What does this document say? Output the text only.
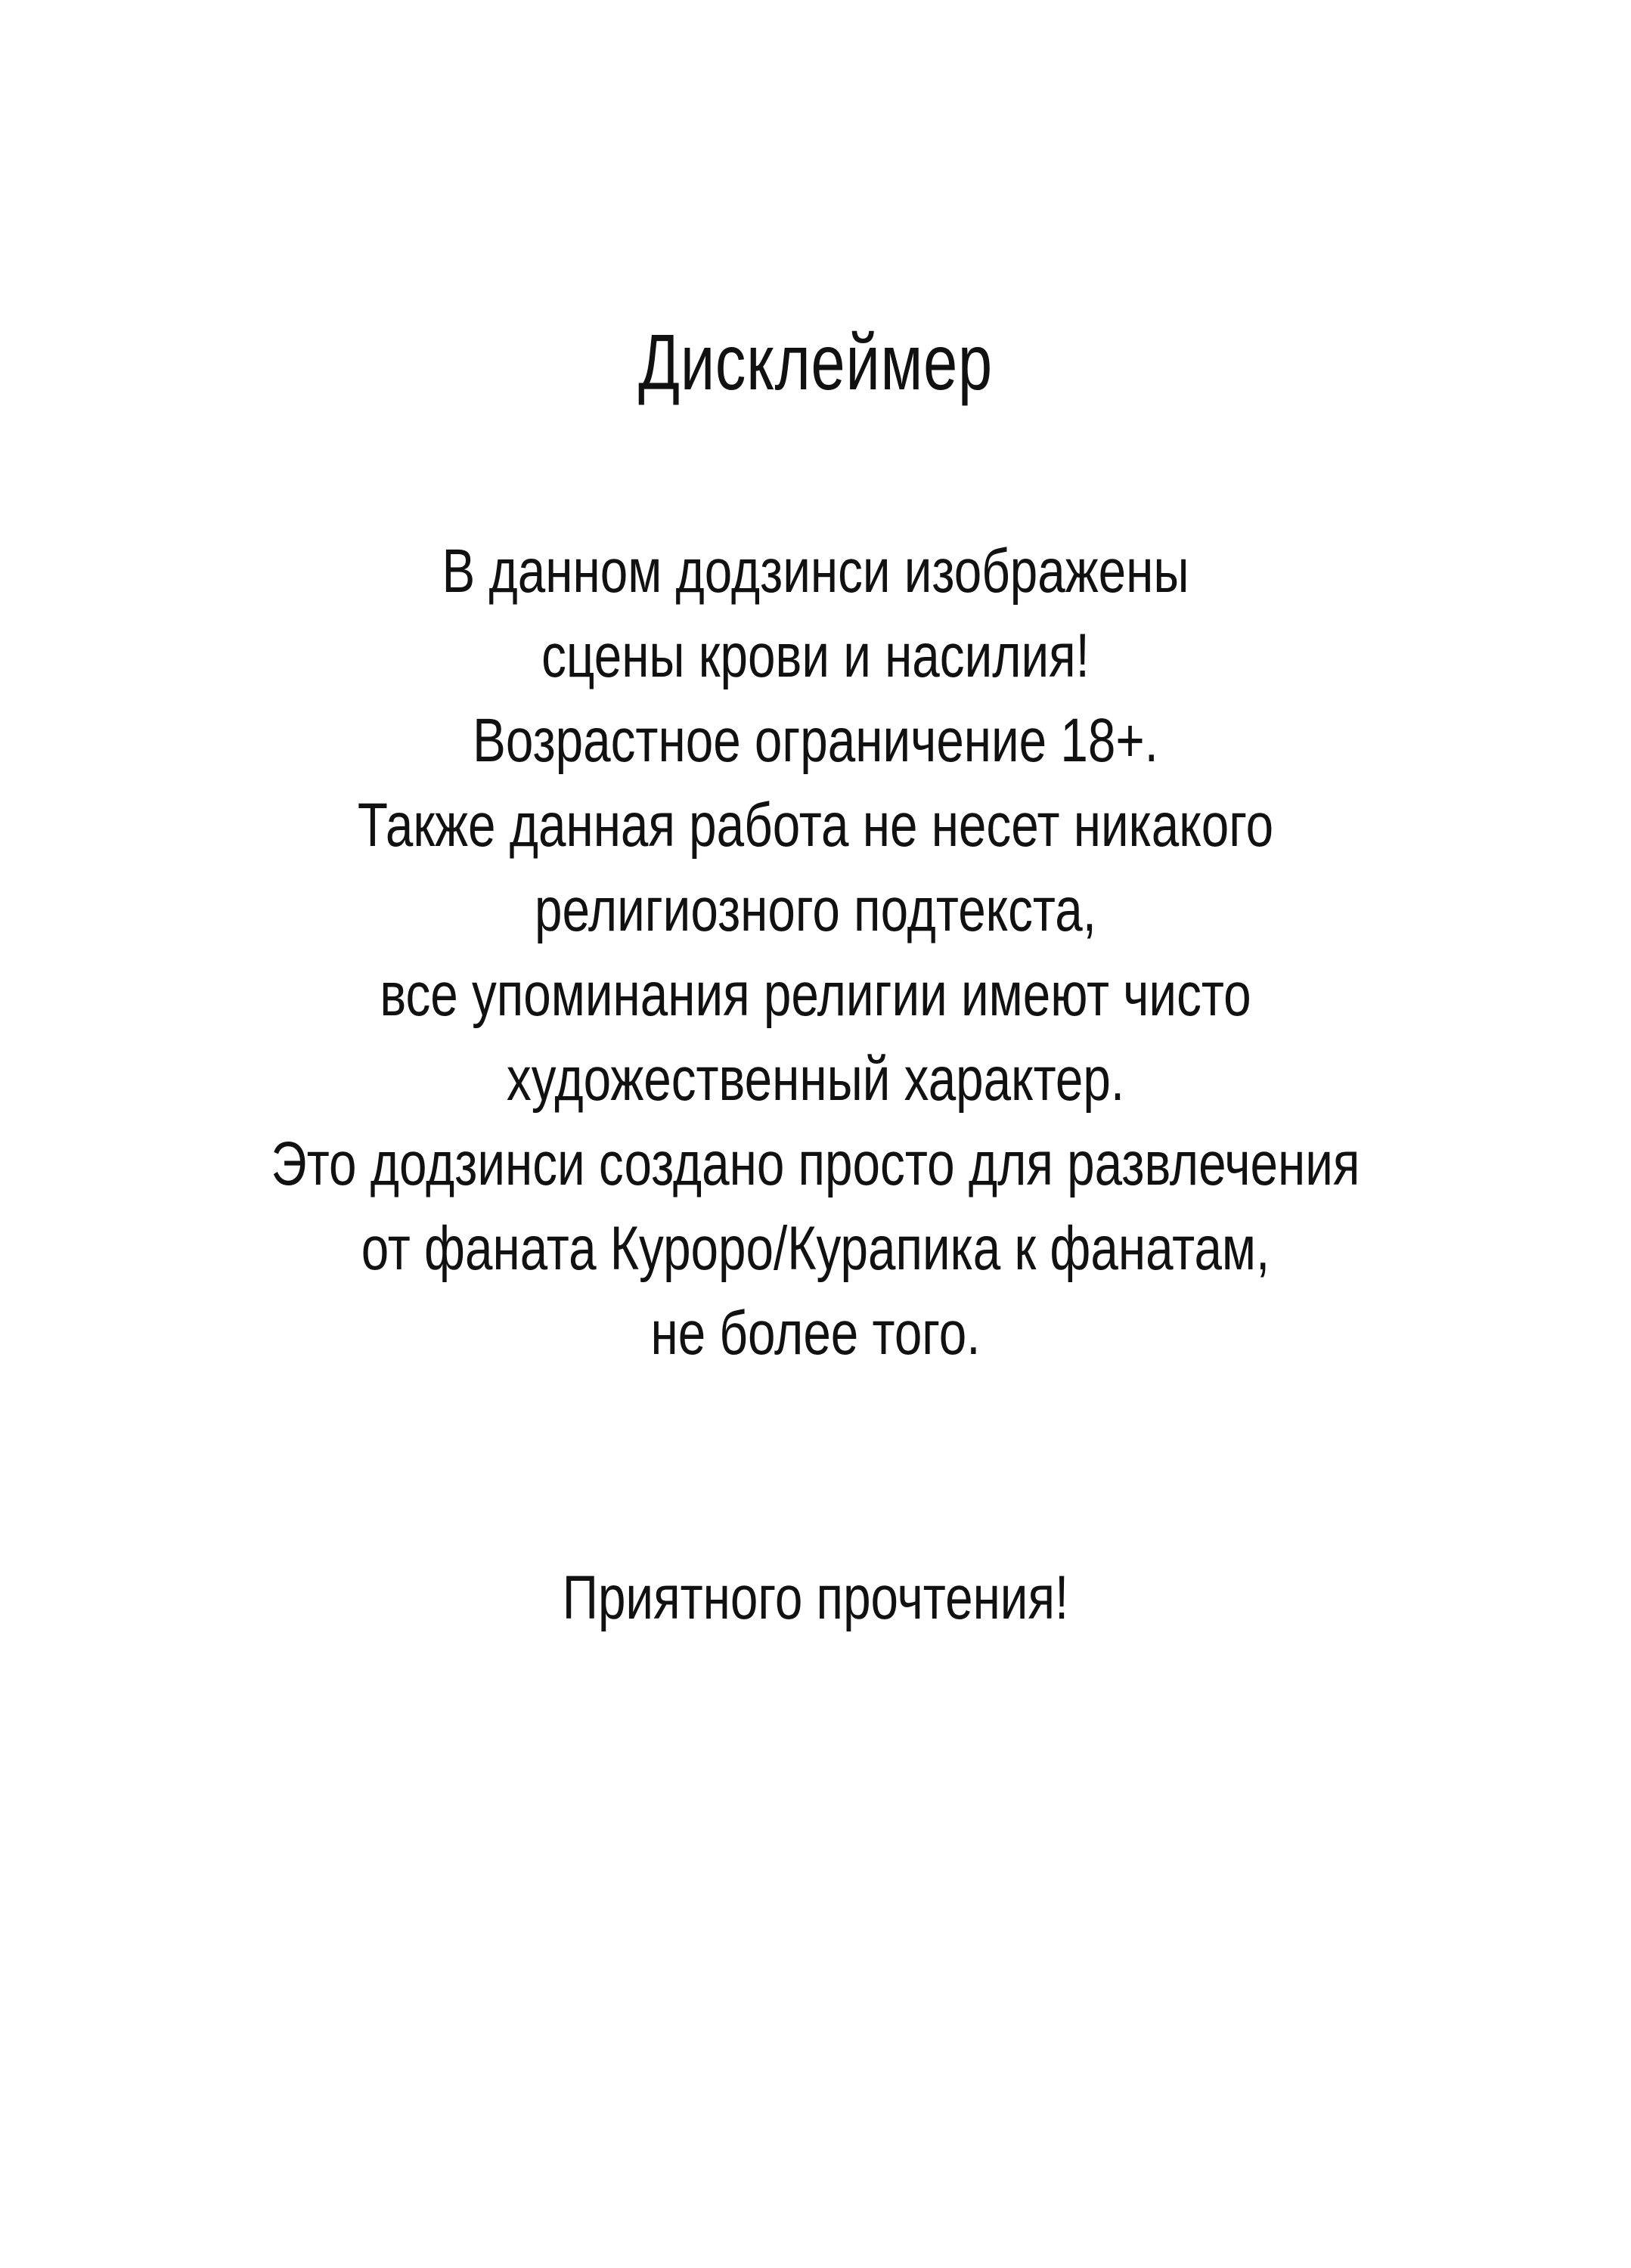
Дисклеймер
В данном додзинси изображены
сцены крови и насилия!
Возрастное ограничение 18+.
Также данная работа не несет никакого
религиозного подтекста,
все упоминания религии имеют чисто
художественный характер.
Это додзинси создано просто для развлечения
от фаната Куроро/Курапика к фанатам,
не более того.
Приятного прочтения!
